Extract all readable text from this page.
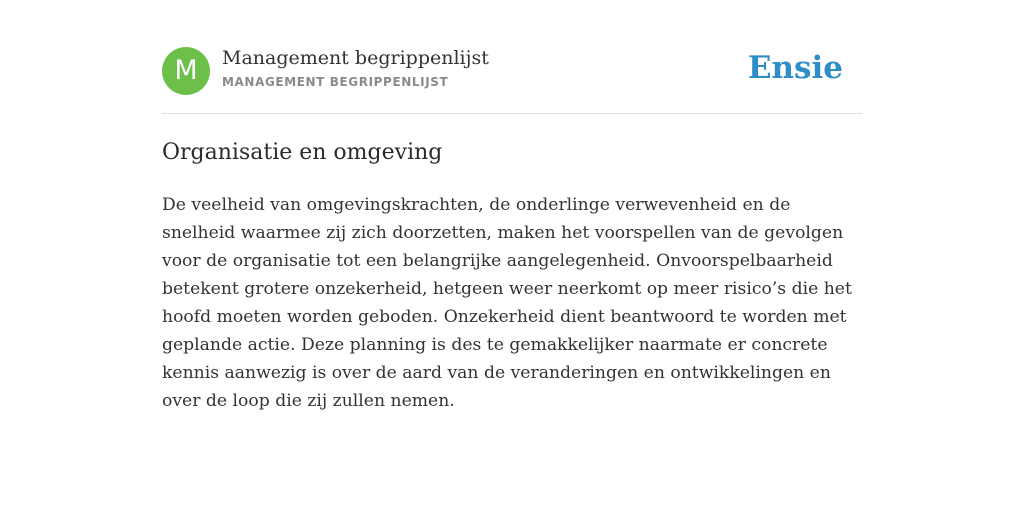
M	Management begrippenlijst
MANAGEMENT BEGRIPPENLIJST	Ensie
Organisatie en omgeving
De veelheid van omgevingskrachten, de onderlinge verwevenheid en de snelheid waarmee zij zich doorzetten, maken het voorspellen van de gevolgen voor de organisatie tot een belangrijke aangelegenheid. Onvoorspelbaarheid betekent grotere onzekerheid, hetgeen weer neerkomt op meer risico’s die het hoofd moeten worden geboden. Onzekerheid dient beantwoord te worden met geplande actie. Deze planning is des te gemakkelijker naarmate er concrete kennis aanwezig is over de aard van de veranderingen en ontwikkelingen en over de loop die zij zullen nemen.
